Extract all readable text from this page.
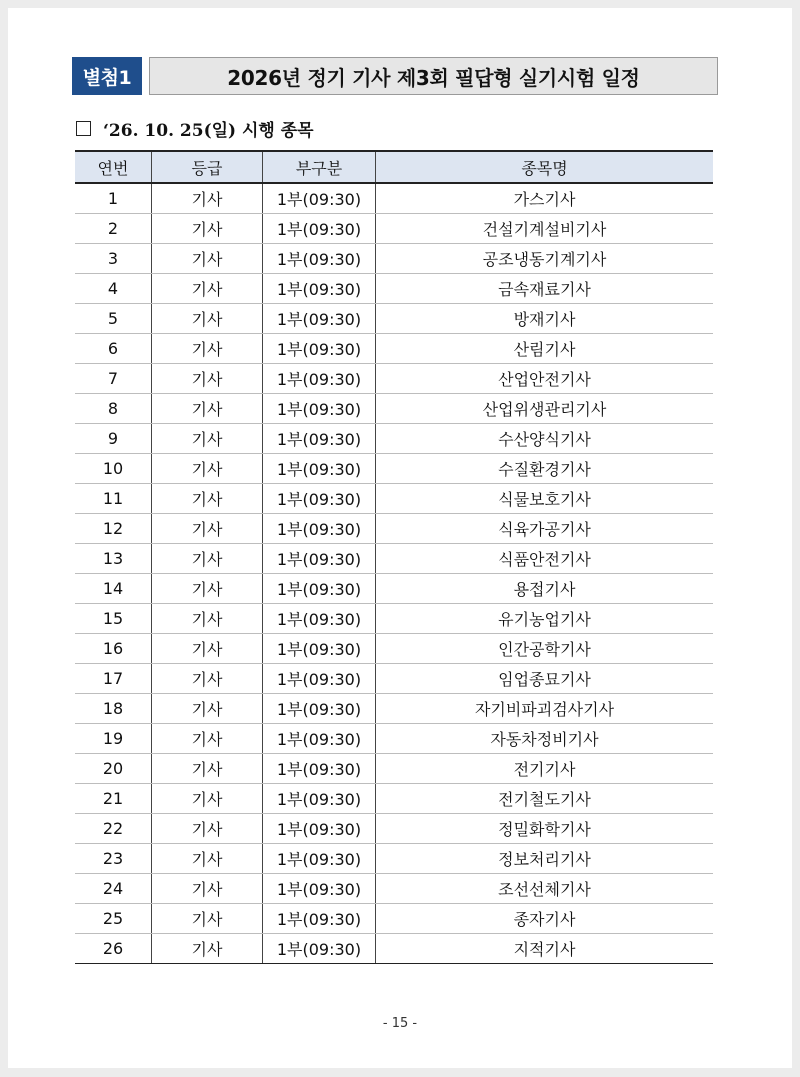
별첨1	2026년 정기 기사 제3회 필답형 실기시험 일정
‘26. 10. 25(일) 시행 종목
연번	등급	부구분	종목명
1	기사	1부(09:30)	가스기사
2	기사	1부(09:30)	건설기계설비기사
3	기사	1부(09:30)	공조냉동기계기사
4	기사	1부(09:30)	금속재료기사
5	기사	1부(09:30)	방재기사
6	기사	1부(09:30)	산림기사
7	기사	1부(09:30)	산업안전기사
8	기사	1부(09:30)	산업위생관리기사
9	기사	1부(09:30)	수산양식기사
10	기사	1부(09:30)	수질환경기사
11	기사	1부(09:30)	식물보호기사
12	기사	1부(09:30)	식육가공기사
13	기사	1부(09:30)	식품안전기사
14	기사	1부(09:30)	용접기사
15	기사	1부(09:30)	유기농업기사
16	기사	1부(09:30)	인간공학기사
17	기사	1부(09:30)	임업종묘기사
18	기사	1부(09:30)	자기비파괴검사기사
19	기사	1부(09:30)	자동차정비기사
20	기사	1부(09:30)	전기기사
21	기사	1부(09:30)	전기철도기사
22	기사	1부(09:30)	정밀화학기사
23	기사	1부(09:30)	정보처리기사
24	기사	1부(09:30)	조선선체기사
25	기사	1부(09:30)	종자기사
26	기사	1부(09:30)	지적기사
- 15 -
